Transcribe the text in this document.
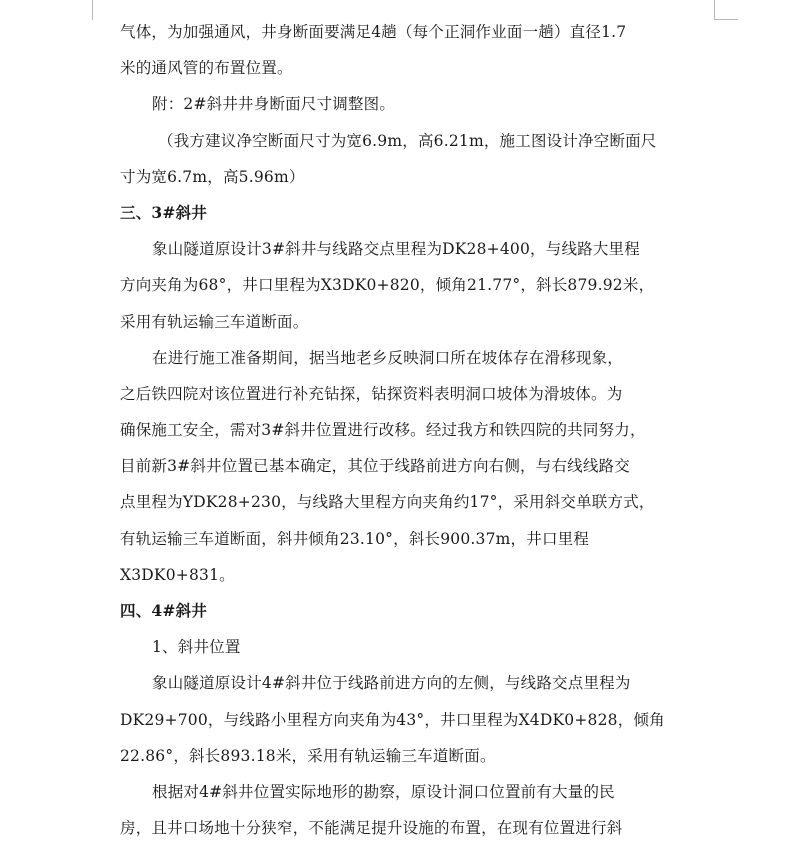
气体，为加强通风，井身断面要满足4趟（每个正洞作业面一趟）直径1.7
米的通风管的布置位置。
附：2#斜井井身断面尺寸调整图。
（我方建议净空断面尺寸为宽6.9m，高6.21m，施工图设计净空断面尺
寸为宽6.7m，高5.96m）
三、3#斜井
象山隧道原设计3#斜井与线路交点里程为DK28+400，与线路大里程
方向夹角为68°，井口里程为X3DK0+820，倾角21.77°，斜长879.92米，
采用有轨运输三车道断面。
在进行施工准备期间，据当地老乡反映洞口所在坡体存在滑移现象，
之后铁四院对该位置进行补充钻探，钻探资料表明洞口坡体为滑坡体。为
确保施工安全，需对3#斜井位置进行改移。经过我方和铁四院的共同努力，
目前新3#斜井位置已基本确定，其位于线路前进方向右侧，与右线线路交
点里程为YDK28+230，与线路大里程方向夹角约17°，采用斜交单联方式，
有轨运输三车道断面，斜井倾角23.10°，斜长900.37m，井口里程
X3DK0+831。
四、4#斜井
1、斜井位置
象山隧道原设计4#斜井位于线路前进方向的左侧，与线路交点里程为
DK29+700，与线路小里程方向夹角为43°，井口里程为X4DK0+828，倾角
22.86°，斜长893.18米，采用有轨运输三车道断面。
根据对4#斜井位置实际地形的勘察，原设计洞口位置前有大量的民
房，且井口场地十分狭窄，不能满足提升设施的布置，在现有位置进行斜
